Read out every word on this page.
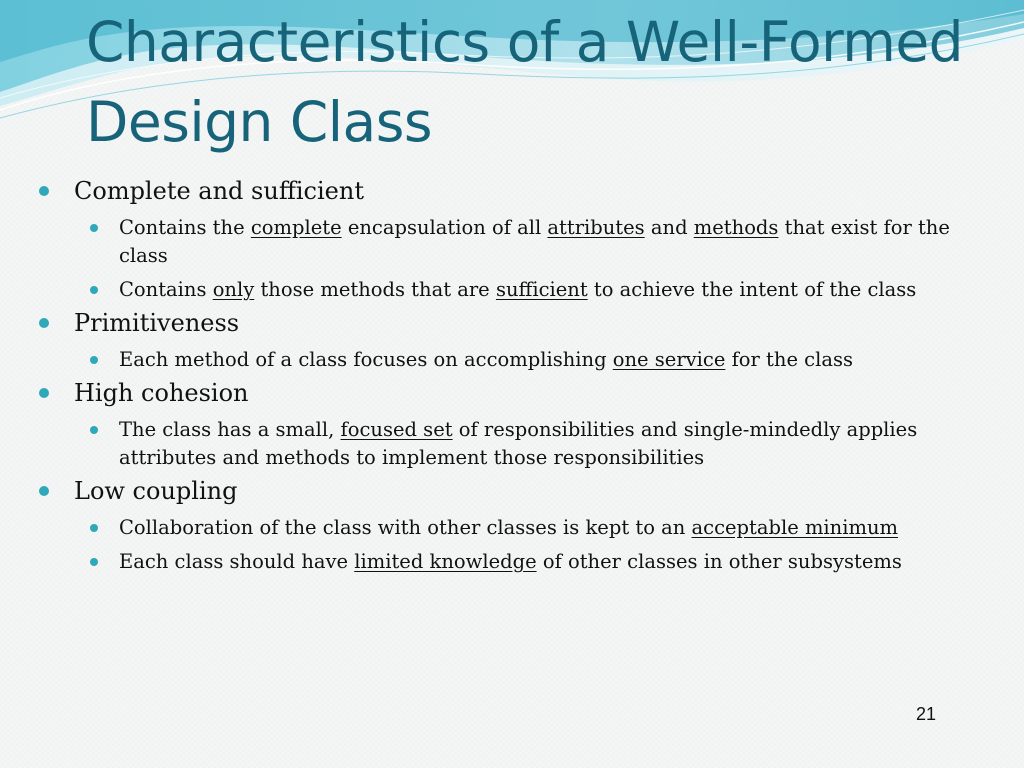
Characteristics of a Well-Formed Design Class
Complete and sufficient
Contains the complete encapsulation of all attributes and methods that exist for the class
Contains only those methods that are sufficient to achieve the intent of the class
Primitiveness
Each method of a class focuses on accomplishing one service for the class
High cohesion
The class has a small, focused set of responsibilities and single-mindedly applies attributes and methods to implement those responsibilities
Low coupling
Collaboration of the class with other classes is kept to an acceptable minimum
Each class should have limited knowledge of other classes in other subsystems
21
